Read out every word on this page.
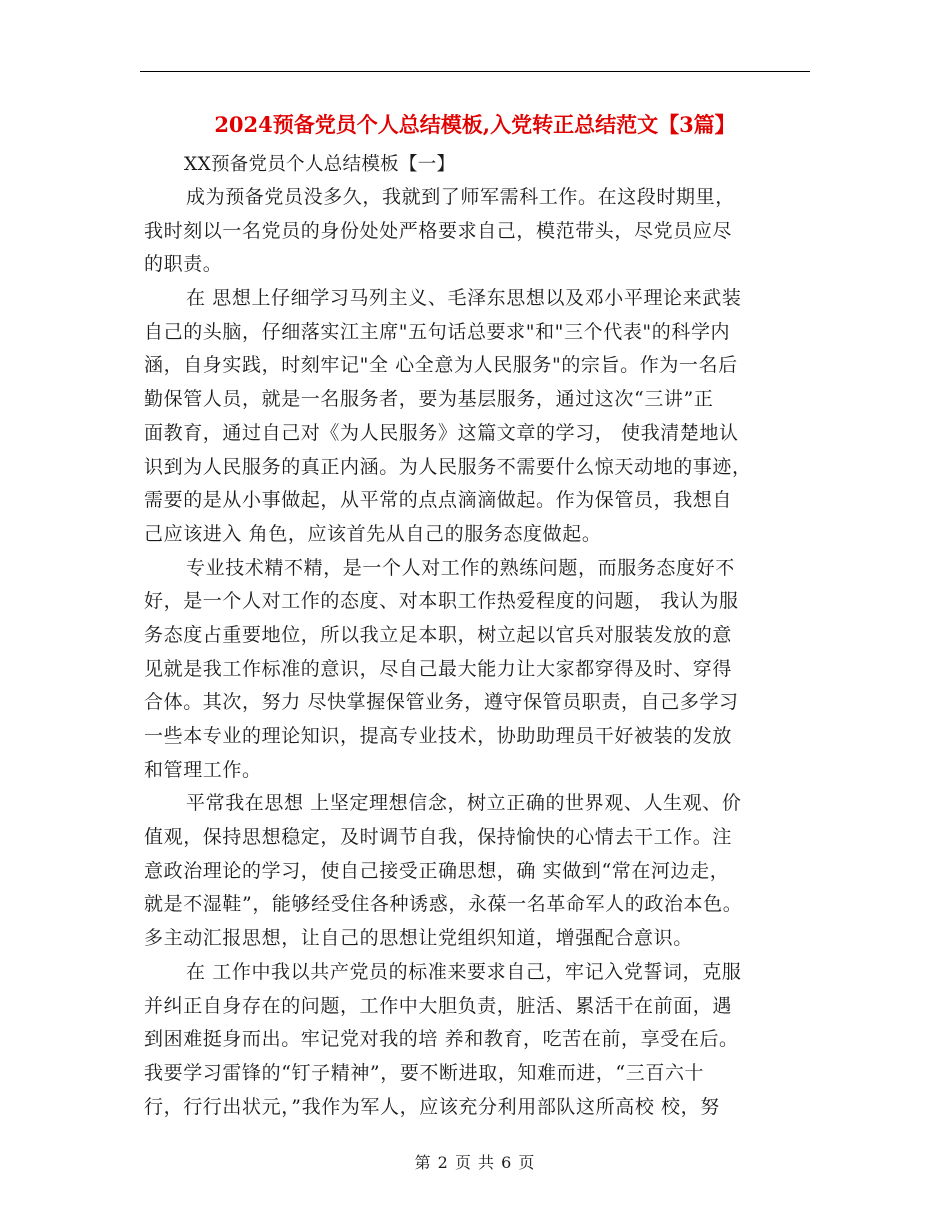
2024预备党员个人总结模板,入党转正总结范文【3篇】

XX预备党员个人总结模板【一】

成为预备党员没多久，我就到了师军需科工作。在这段时期里，
我时刻以一名党员的身份处处严格要求自己，模范带头，尽党员应尽
的职责。
在 思想上仔细学习马列主义、毛泽东思想以及邓小平理论来武装
自己的头脑，仔细落实江主席"五句话总要求"和"三个代表"的科学内
涵，自身实践，时刻牢记"全 心全意为人民服务"的宗旨。作为一名后
勤保管人员，就是一名服务者，要为基层服务，通过这次“三讲”正
面教育，通过自己对《为人民服务》这篇文章的学习， 使我清楚地认
识到为人民服务的真正内涵。为人民服务不需要什么惊天动地的事迹，
需要的是从小事做起，从平常的点点滴滴做起。作为保管员，我想自
己应该进入 角色，应该首先从自己的服务态度做起。
专业技术精不精，是一个人对工作的熟练问题，而服务态度好不
好，是一个人对工作的态度、对本职工作热爱程度的问题， 我认为服
务态度占重要地位，所以我立足本职，树立起以官兵对服装发放的意
见就是我工作标准的意识，尽自己最大能力让大家都穿得及时、穿得
合体。其次，努力 尽快掌握保管业务，遵守保管员职责，自己多学习
一些本专业的理论知识，提高专业技术，协助助理员干好被装的发放
和管理工作。
平常我在思想 上坚定理想信念，树立正确的世界观、人生观、价
值观，保持思想稳定，及时调节自我，保持愉快的心情去干工作。注
意政治理论的学习，使自己接受正确思想，确 实做到“常在河边走，
就是不湿鞋”，能够经受住各种诱惑，永葆一名革命军人的政治本色。
多主动汇报思想，让自己的思想让党组织知道，增强配合意识。
在 工作中我以共产党员的标准来要求自己，牢记入党誓词，克服
并纠正自身存在的问题，工作中大胆负责，脏活、累活干在前面，遇
到困难挺身而出。牢记党对我的培 养和教育，吃苦在前，享受在后。
我要学习雷锋的“钉子精神”，要不断进取，知难而进，“三百六十
行，行行出状元，”我作为军人，应该充分利用部队这所高校 校，努
第 2 页 共 6 页
